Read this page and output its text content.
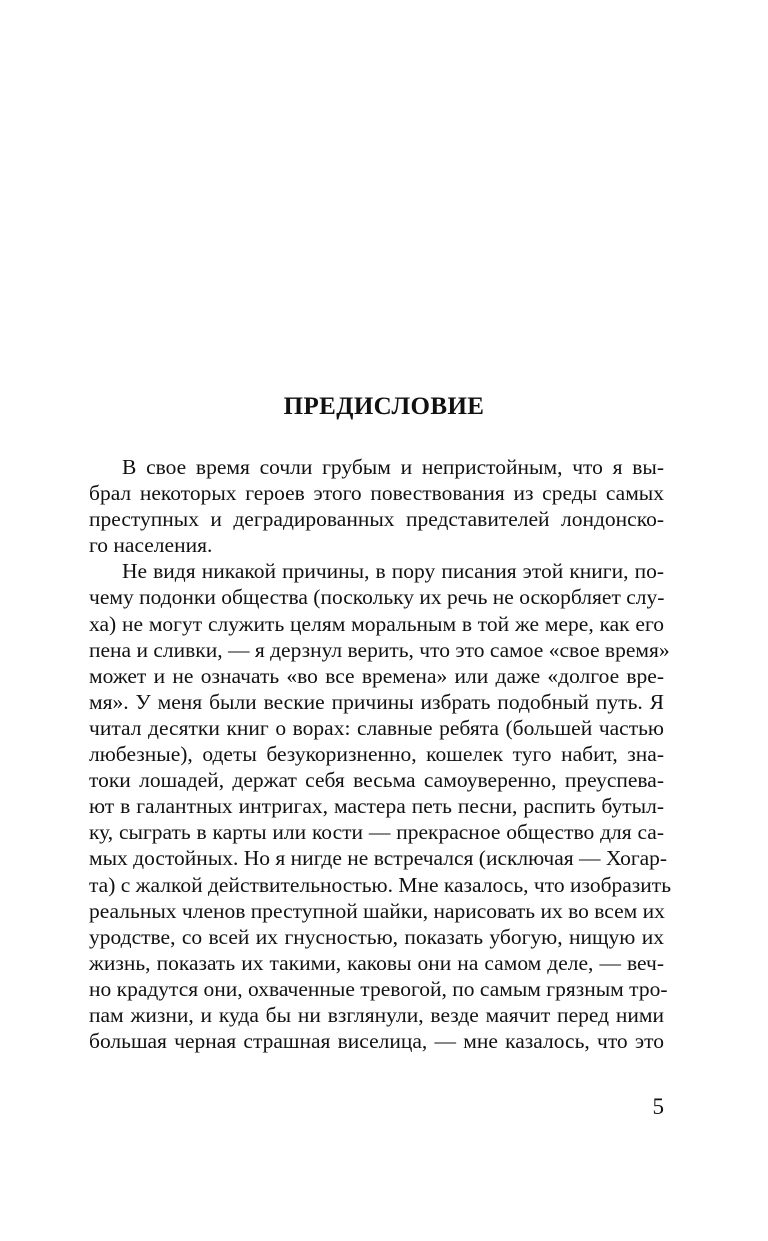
ПРЕДИСЛОВИЕ
В свое время сочли грубым и непристойным, что я вы-
брал некоторых героев этого повествования из среды самых
преступных и деградированных представителей лондонско-
го населения.
Не видя никакой причины, в пору писания этой книги, по-
чему подонки общества (поскольку их речь не оскорбляет слу-
ха) не могут служить целям моральным в той же мере, как его
пена и сливки, — я дерзнул верить, что это самое «свое время»
может и не означать «во все времена» или даже «долгое вре-
мя». У меня были веские причины избрать подобный путь. Я
читал десятки книг о ворах: славные ребята (большей частью
любезные), одеты безукоризненно, кошелек туго набит, зна-
токи лошадей, держат себя весьма самоуверенно, преуспева-
ют в галантных интригах, мастера петь песни, распить бутыл-
ку, сыграть в карты или кости — прекрасное общество для са-
мых достойных. Но я нигде не встречался (исключая — Хогар-
та) с жалкой действительностью. Мне казалось, что изобразить
реальных членов преступной шайки, нарисовать их во всем их
уродстве, со всей их гнусностью, показать убогую, нищую их
жизнь, показать их такими, каковы они на самом деле, — веч-
но крадутся они, охваченные тревогой, по самым грязным тро-
пам жизни, и куда бы ни взглянули, везде маячит перед ними
большая черная страшная виселица, — мне казалось, что это
5
